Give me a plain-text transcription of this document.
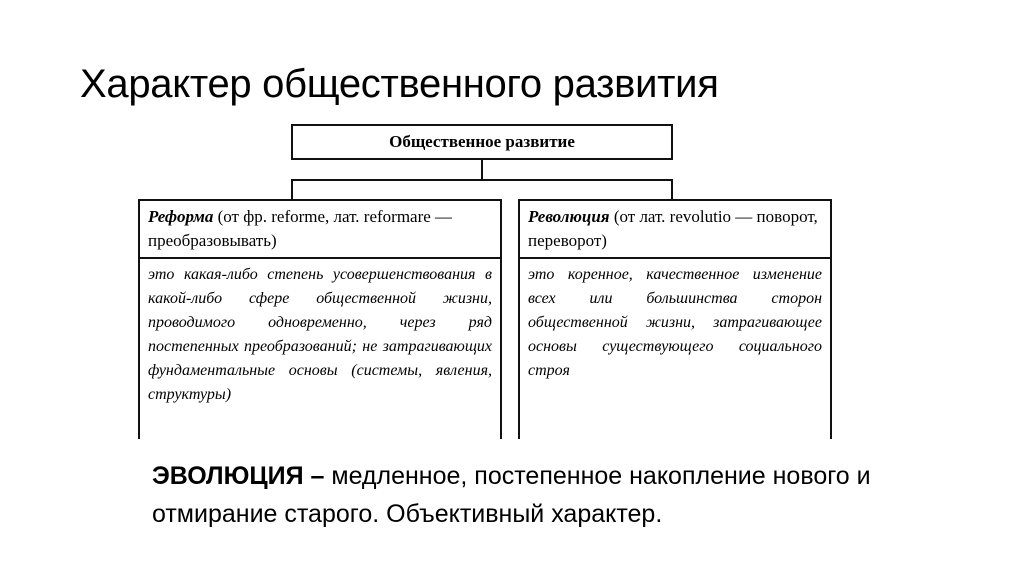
Характер общественного развития
Общественное развитие
Реформа (от фр. reforme, лат. reformare — преобразовывать)
это какая-либо степень усовершенствования в какой-либо сфере общественной жизни, проводимого одновременно, через ряд постепенных преобразований; не затрагивающих фундаментальные основы (системы, явления, структуры)
Революция (от лат. revolutio — поворот, переворот)
это коренное, качественное изменение всех или большинства сторон общественной жизни, затрагивающее основы существующего социального строя
ЭВОЛЮЦИЯ – медленное, постепенное накопление нового и отмирание старого. Объективный характер.
